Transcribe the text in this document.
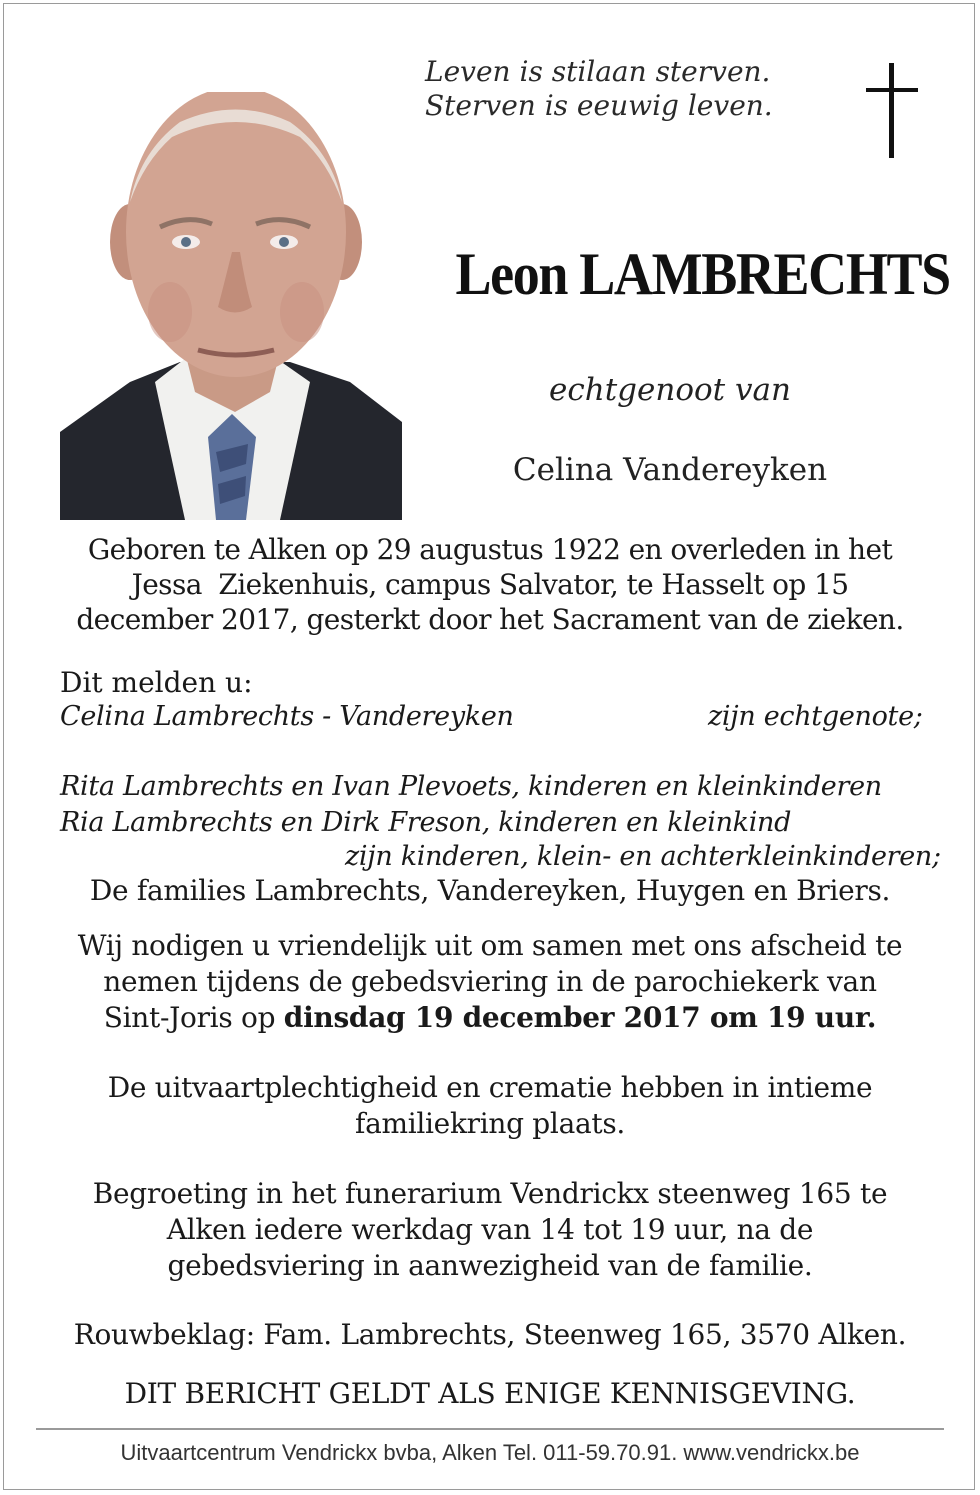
Leven is stilaan sterven.
Sterven is eeuwig leven.
Leon LAMBRECHTS
echtgenoot van
Celina Vandereyken
Geboren te Alken op 29 augustus 1922 en overleden in het
Jessa  Ziekenhuis, campus Salvator, te Hasselt op 15
december 2017, gesterkt door het Sacrament van de zieken.
Dit melden u:
Celina Lambrechts - Vandereyken	zijn echtgenote;
Rita Lambrechts en Ivan Plevoets, kinderen en kleinkinderen
Ria Lambrechts en Dirk Freson, kinderen en kleinkind
zijn kinderen, klein- en achterkleinkinderen;
De families Lambrechts, Vandereyken, Huygen en Briers.
Wij nodigen u vriendelijk uit om samen met ons afscheid te
nemen tijdens de gebedsviering in de parochiekerk van
Sint-Joris op dinsdag 19 december 2017 om 19 uur.
De uitvaartplechtigheid en crematie hebben in intieme
familiekring plaats.
Begroeting in het funerarium Vendrickx steenweg 165 te
Alken iedere werkdag van 14 tot 19 uur, na de
gebedsviering in aanwezigheid van de familie.
Rouwbeklag: Fam. Lambrechts, Steenweg 165, 3570 Alken.
DIT BERICHT GELDT ALS ENIGE KENNISGEVING.
Uitvaartcentrum Vendrickx bvba, Alken Tel. 011-59.70.91. www.vendrickx.be
